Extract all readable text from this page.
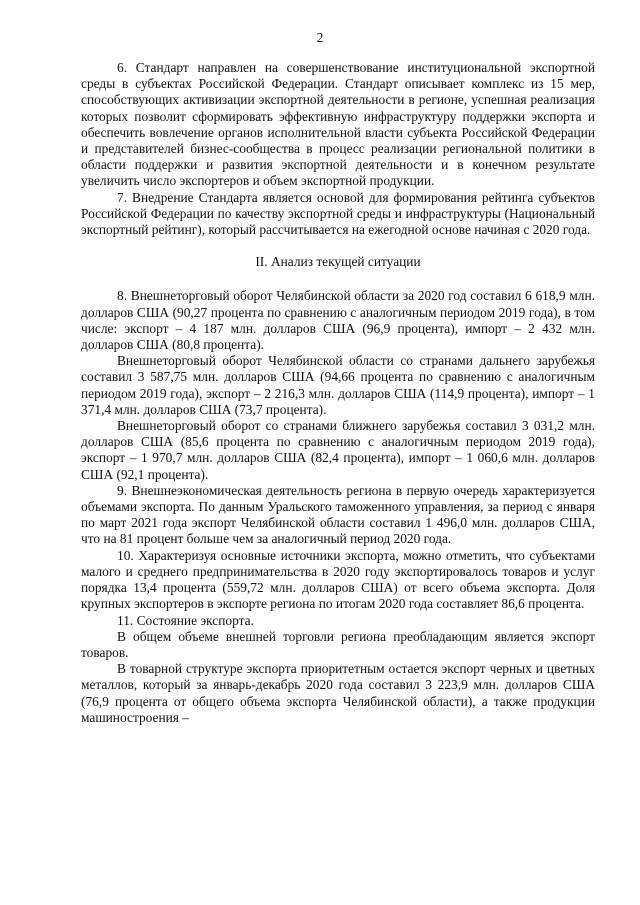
2

6. Стандарт направлен на совершенствование институциональной экспортной среды в субъектах Российской Федерации. Стандарт описывает комплекс из 15 мер, способствующих активизации экспортной деятельности в регионе, успешная реализация которых позволит сформировать эффективную инфраструктуру поддержки экспорта и обеспечить вовлечение органов исполнительной власти субъекта Российской Федерации и представителей бизнес-сообщества в процесс реализации региональной политики в области поддержки и развития экспортной деятельности и в конечном результате увеличить число экспортеров и объем экспортной продукции.

7. Внедрение Стандарта является основой для формирования рейтинга субъектов Российской Федерации по качеству экспортной среды и инфраструктуры (Национальный экспортный рейтинг), который рассчитывается на ежегодной основе начиная с 2020 года.

II. Анализ текущей ситуации

8. Внешнеторговый оборот Челябинской области за 2020 год составил 6 618,9 млн. долларов США (90,27 процента по сравнению с аналогичным периодом 2019 года), в том числе: экспорт – 4 187 млн. долларов США (96,9 процента), импорт – 2 432 млн. долларов США (80,8 процента).

Внешнеторговый оборот Челябинской области со странами дальнего зарубежья составил 3 587,75 млн. долларов США (94,66 процента по сравнению с аналогичным периодом 2019 года), экспорт – 2 216,3 млн. долларов США (114,9 процента), импорт – 1 371,4 млн. долларов США (73,7 процента).

Внешнеторговый оборот со странами ближнего зарубежья составил 3 031,2 млн. долларов США (85,6 процента по сравнению с аналогичным периодом 2019 года), экспорт – 1 970,7 млн. долларов США (82,4 процента), импорт – 1 060,6 млн. долларов США (92,1 процента).

9. Внешнеэкономическая деятельность региона в первую очередь характеризуется объемами экспорта. По данным Уральского таможенного управления, за период с января по март 2021 года экспорт Челябинской области составил 1 496,0 млн. долларов США, что на 81 процент больше чем за аналогичный период 2020 года.

10. Характеризуя основные источники экспорта, можно отметить, что субъектами малого и среднего предпринимательства в 2020 году экспортировалось товаров и услуг порядка 13,4 процента (559,72 млн. долларов США) от всего объема экспорта. Доля крупных экспортеров в экспорте региона по итогам 2020 года составляет 86,6 процента.

11. Состояние экспорта.

В общем объеме внешней торговли региона преобладающим является экспорт товаров.

В товарной структуре экспорта приоритетным остается экспорт черных и цветных металлов, который за январь-декабрь 2020 года составил 3 223,9 млн. долларов США (76,9 процента от общего объема экспорта Челябинской области), а также продукции машиностроения –
